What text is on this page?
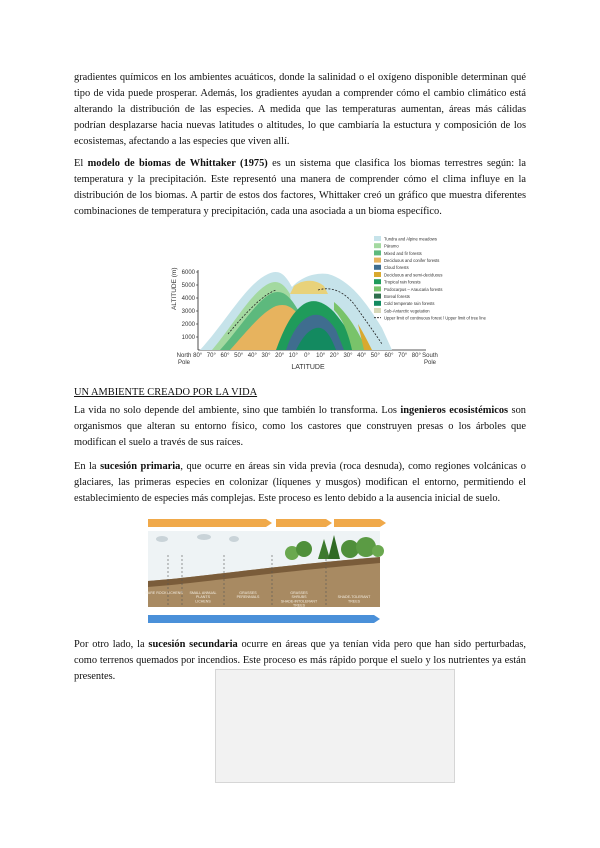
gradientes químicos en los ambientes acuáticos, donde la salinidad o el oxígeno disponible determinan qué tipo de vida puede prosperar. Además, los gradientes ayudan a comprender cómo el cambio climático está alterando la distribución de las especies. A medida que las temperaturas aumentan, áreas más cálidas podrían desplazarse hacia nuevas latitudes o altitudes, lo que cambiaría la estuctura y composición de los ecosistemas, afectando a las especies que viven allí.

El modelo de biomas de Whittaker (1975) es un sistema que clasifica los biomas terrestres según: la temperatura y la precipitación. Este representó una manera de comprender cómo el clima influye en la distribución de los biomas. A partir de estos dos factores, Whittaker creó un gráfico que muestra diferentes combinaciones de temperatura y precipitación, cada una asociada a un bioma específico.

ALTITUDE (m) 6000
5000
4000
3000
2000
1000
North
Pole
80° 70° 60° 50° 40° 30° 20° 10° 0° 10° 20° 30° 40° 50° 60° 70° 80° South
Pole
LATITUDE
Tundra and Alpine meadows
Páramo
Mixed and fir forests
Deciduous and conifer forests
Cloud forests
Deciduous and semi-deciduous
Tropical rain forests
Podocarpus – Araucaria forests
Boreal forests
Cold temperate rain forests
Sub-Antarctic vegetation
Upper limit of continuous forest / Upper limit of tree line

UN AMBIENTE CREADO POR LA VIDA

La vida no solo depende del ambiente, sino que también lo transforma. Los ingenieros ecosistémicos son organismos que alteran su entorno físico, como los castores que construyen presas o los árboles que modifican el suelo a través de sus raíces.

En la sucesión primaria, que ocurre en áreas sin vida previa (roca desnuda), como regiones volcánicas o glaciares, las primeras especies en colonizar (líquenes y musgos) modifican el entorno, permitiendo el establecimiento de especies más complejas. Este proceso es lento debido a la ausencia inicial de suelo.

BARE ROCK LICHENS SMALL ANNUAL PLANTS LICHENS
GRASSES PERENNIALS
GRASSES SHRUBS SHADE-INTOLERANT TREES
SHADE-TOLERANT TREES

Por otro lado, la sucesión secundaria ocurre en áreas que ya tenían vida pero que han sido perturbadas, como terrenos quemados por incendios. Este proceso es más rápido porque el suelo y los nutrientes ya están presentes.
